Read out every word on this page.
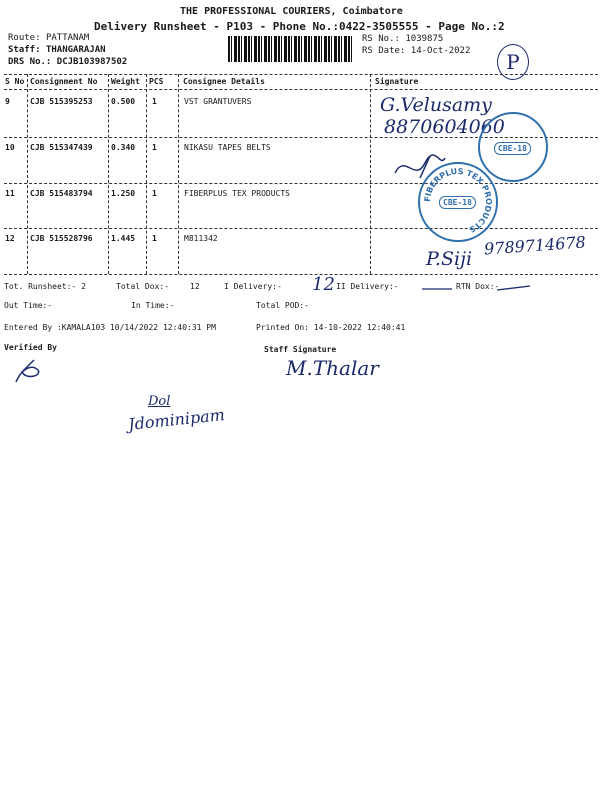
THE PROFESSIONAL COURIERS, Coimbatore
Delivery Runsheet - P103 - Phone No.:0422-3505555 - Page No.:2
Route: PATTANAM
Staff: THANGARAJAN
DRS No.: DCJB103987502
RS No.: 1039875
RS Date: 14-Oct-2022	P
S No Consignment No Weight PCS Consignee Details	Signature
9	CJB 515395253 0.500 1	VST GRANTUVERS
10 CJB 515347439 0.340 1	NIKASU TAPES BELTS
11 CJB 515483794 1.250 1	FIBERPLUS TEX PRODUCTS
12 CJB 515528796 1.445 1	M811342
G.Velusamy
8870604060
P.Siji
9789714678
CBE-18
FIBERPLUS TEX PRODUCTS
CBE-18
Tot. Runsheet:- 2	Total Dox:-	12	I Delivery:- 12 II Delivery:-	RTN Dox:-
Out Time:-	In Time:-	Total POD:-
Entered By :KAMALA103 10/14/2022 12:40:31 PM	Printed On: 14-10-2022 12:40:41
Verified By	Staff Signature
M.Thalar
Dol
Jdominipam
